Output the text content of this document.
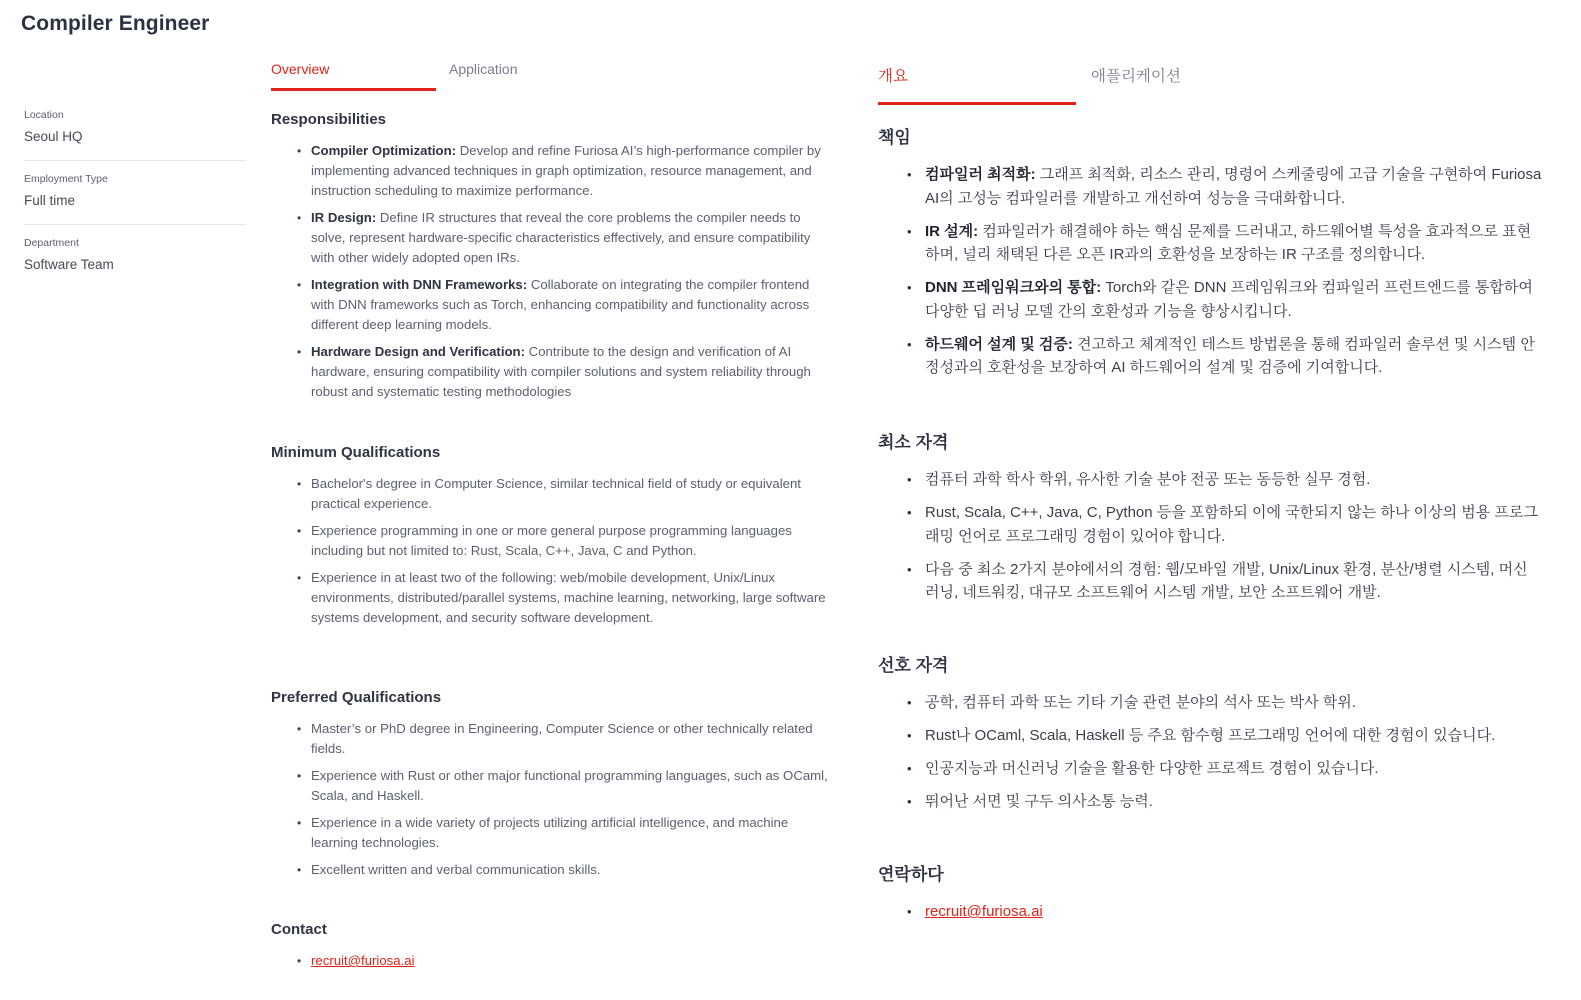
Compiler Engineer
Location
Seoul HQ
Employment Type
Full time
Department
Software Team
Overview	Application
Responsibilities
• Compiler Optimization: Develop and refine Furiosa AI’s high-performance compiler by implementing advanced techniques in graph optimization, resource management, and instruction scheduling to maximize performance.
• IR Design: Define IR structures that reveal the core problems the compiler needs to solve, represent hardware-specific characteristics effectively, and ensure compatibility with other widely adopted open IRs.
• Integration with DNN Frameworks: Collaborate on integrating the compiler frontend with DNN frameworks such as Torch, enhancing compatibility and functionality across different deep learning models.
• Hardware Design and Verification: Contribute to the design and verification of AI hardware, ensuring compatibility with compiler solutions and system reliability through robust and systematic testing methodologies
Minimum Qualifications
• Bachelor's degree in Computer Science, similar technical field of study or equivalent practical experience.
• Experience programming in one or more general purpose programming languages including but not limited to: Rust, Scala, C++, Java, C and Python.
• Experience in at least two of the following: web/mobile development, Unix/Linux environments, distributed/parallel systems, machine learning, networking, large software systems development, and security software development.
Preferred Qualifications
• Master’s or PhD degree in Engineering, Computer Science or other technically related fields.
• Experience with Rust or other major functional programming languages, such as OCaml, Scala, and Haskell.
• Experience in a wide variety of projects utilizing artificial intelligence, and machine learning technologies.
• Excellent written and verbal communication skills.
Contact
• recruit@furiosa.ai
개요	애플리케이션
책임
• 컴파일러 최적화: 그래프 최적화, 리소스 관리, 명령어 스케줄링에 고급 기술을 구현하여 Furiosa AI의 고성능 컴파일러를 개발하고 개선하여 성능을 극대화합니다.
• IR 설계: 컴파일러가 해결해야 하는 핵심 문제를 드러내고, 하드웨어별 특성을 효과적으로 표현하며, 널리 채택된 다른 오픈 IR과의 호환성을 보장하는 IR 구조를 정의합니다.
• DNN 프레임워크와의 통합: Torch와 같은 DNN 프레임워크와 컴파일러 프런트엔드를 통합하여 다양한 딥 러닝 모델 간의 호환성과 기능을 향상시킵니다.
• 하드웨어 설계 및 검증: 견고하고 체계적인 테스트 방법론을 통해 컴파일러 솔루션 및 시스템 안정성과의 호환성을 보장하여 AI 하드웨어의 설계 및 검증에 기여합니다.
최소 자격
• 컴퓨터 과학 학사 학위, 유사한 기술 분야 전공 또는 동등한 실무 경험.
• Rust, Scala, C++, Java, C, Python 등을 포함하되 이에 국한되지 않는 하나 이상의 범용 프로그래밍 언어로 프로그래밍 경험이 있어야 합니다.
• 다음 중 최소 2가지 분야에서의 경험: 웹/모바일 개발, Unix/Linux 환경, 분산/병렬 시스템, 머신 러닝, 네트워킹, 대규모 소프트웨어 시스템 개발, 보안 소프트웨어 개발.
선호 자격
• 공학, 컴퓨터 과학 또는 기타 기술 관련 분야의 석사 또는 박사 학위.
• Rust나 OCaml, Scala, Haskell 등 주요 함수형 프로그래밍 언어에 대한 경험이 있습니다.
• 인공지능과 머신러닝 기술을 활용한 다양한 프로젝트 경험이 있습니다.
• 뛰어난 서면 및 구두 의사소통 능력.
연락하다
• recruit@furiosa.ai
